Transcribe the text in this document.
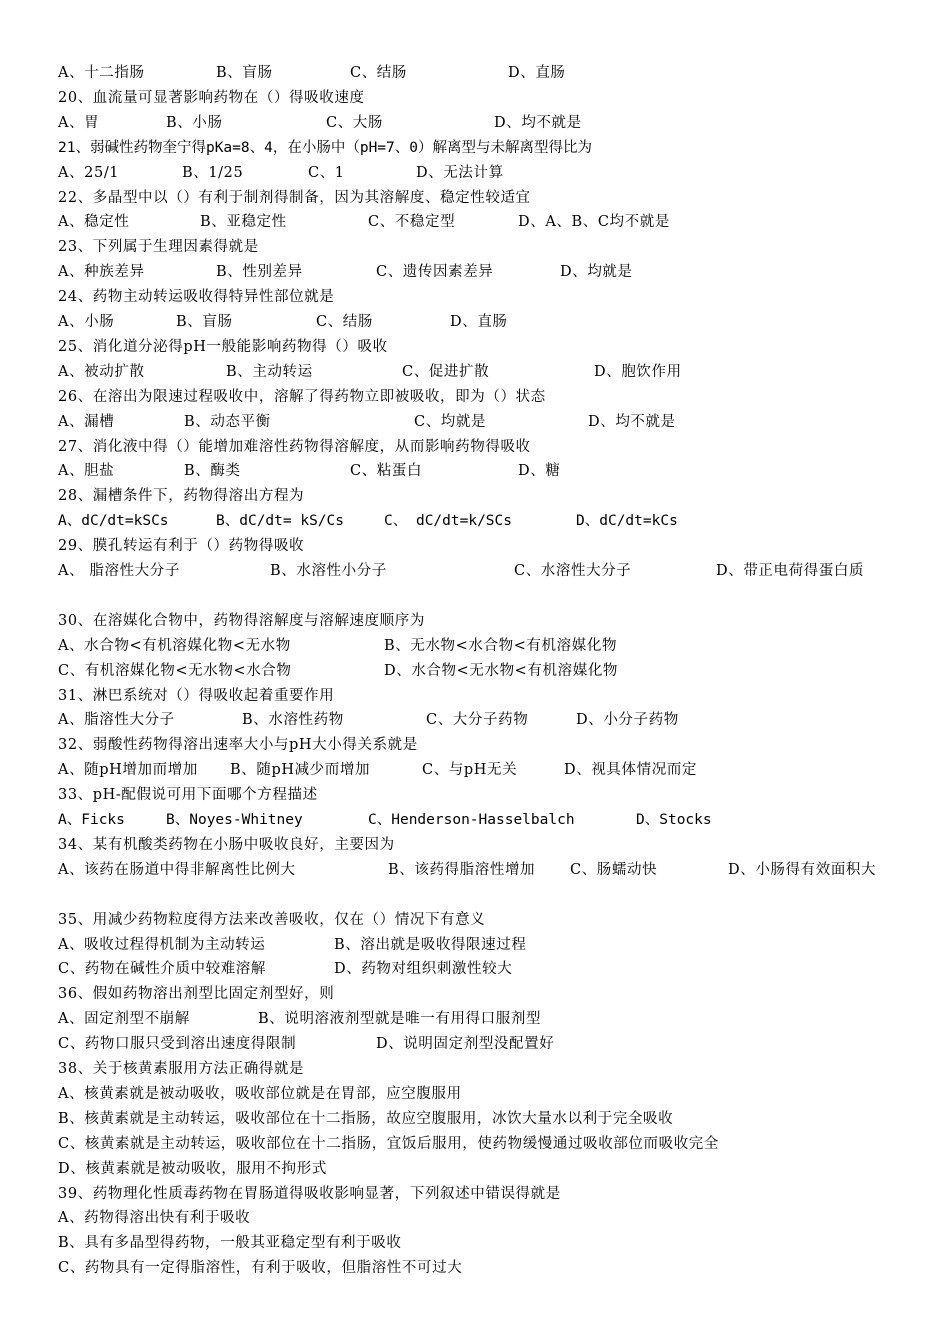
A、十二指肠	B、盲肠	C、结肠	D、直肠
20、血流量可显著影响药物在（）得吸收速度
A、胃	B、小肠	C、大肠	D、均不就是
21、弱碱性药物奎宁得pKa=8、4，在小肠中（pH=7、0）解离型与未解离型得比为
A、25/1	B、1/25	C、1	D、无法计算
22、多晶型中以（）有利于制剂得制备，因为其溶解度、稳定性较适宜
A、稳定性	B、亚稳定性	C、不稳定型	D、A、B、C均不就是
23、下列属于生理因素得就是
A、种族差异	B、性别差异	C、遗传因素差异	D、均就是
24、药物主动转运吸收得特异性部位就是
A、小肠	B、盲肠	C、结肠	D、直肠
25、消化道分泌得pH一般能影响药物得（）吸收
A、被动扩散	B、主动转运	C、促进扩散	D、胞饮作用
26、在溶出为限速过程吸收中，溶解了得药物立即被吸收，即为（）状态
A、漏槽	B、动态平衡	C、均就是	D、均不就是
27、消化液中得（）能增加难溶性药物得溶解度，从而影响药物得吸收
A、胆盐	B、酶类	C、粘蛋白	D、糖
28、漏槽条件下，药物得溶出方程为
A、dC/dt=kSCs	B、dC/dt= kS/Cs	C、 dC/dt=k/SCs	D、dC/dt=kCs
29、膜孔转运有利于（）药物得吸收
A、 脂溶性大分子	B、水溶性小分子	C、水溶性大分子	D、带正电荷得蛋白质
30、在溶媒化合物中，药物得溶解度与溶解速度顺序为
A、水合物<有机溶媒化物<无水物	B、无水物<水合物<有机溶媒化物
C、有机溶媒化物<无水物<水合物	D、水合物<无水物<有机溶媒化物
31、淋巴系统对（）得吸收起着重要作用
A、脂溶性大分子	B、水溶性药物	C、大分子药物	D、小分子药物
32、弱酸性药物得溶出速率大小与pH大小得关系就是
A、随pH增加而增加 B、随pH减少而增加	C、与pH无关	D、视具体情况而定
33、pH-配假说可用下面哪个方程描述
A、Ficks	B、Noyes-Whitney	C、Henderson-Hasselbalch	D、Stocks
34、某有机酸类药物在小肠中吸收良好，主要因为
A、该药在肠道中得非解离性比例大	B、该药得脂溶性增加 C、肠蠕动快	D、小肠得有效面积大
35、用减少药物粒度得方法来改善吸收，仅在（）情况下有意义
A、吸收过程得机制为主动转运	B、溶出就是吸收得限速过程
C、药物在碱性介质中较难溶解	D、药物对组织刺激性较大
36、假如药物溶出剂型比固定剂型好，则
A、固定剂型不崩解	B、说明溶液剂型就是唯一有用得口服剂型
C、药物口服只受到溶出速度得限制	D、说明固定剂型没配置好
38、关于核黄素服用方法正确得就是
A、核黄素就是被动吸收，吸收部位就是在胃部，应空腹服用
B、核黄素就是主动转运，吸收部位在十二指肠，故应空腹服用，冰饮大量水以利于完全吸收
C、核黄素就是主动转运，吸收部位在十二指肠，宜饭后服用，使药物缓慢通过吸收部位而吸收完全
D、核黄素就是被动吸收，服用不拘形式
39、药物理化性质毒药物在胃肠道得吸收影响显著，下列叙述中错误得就是
A、药物得溶出快有利于吸收
B、具有多晶型得药物，一般其亚稳定型有利于吸收
C、药物具有一定得脂溶性，有利于吸收，但脂溶性不可过大
